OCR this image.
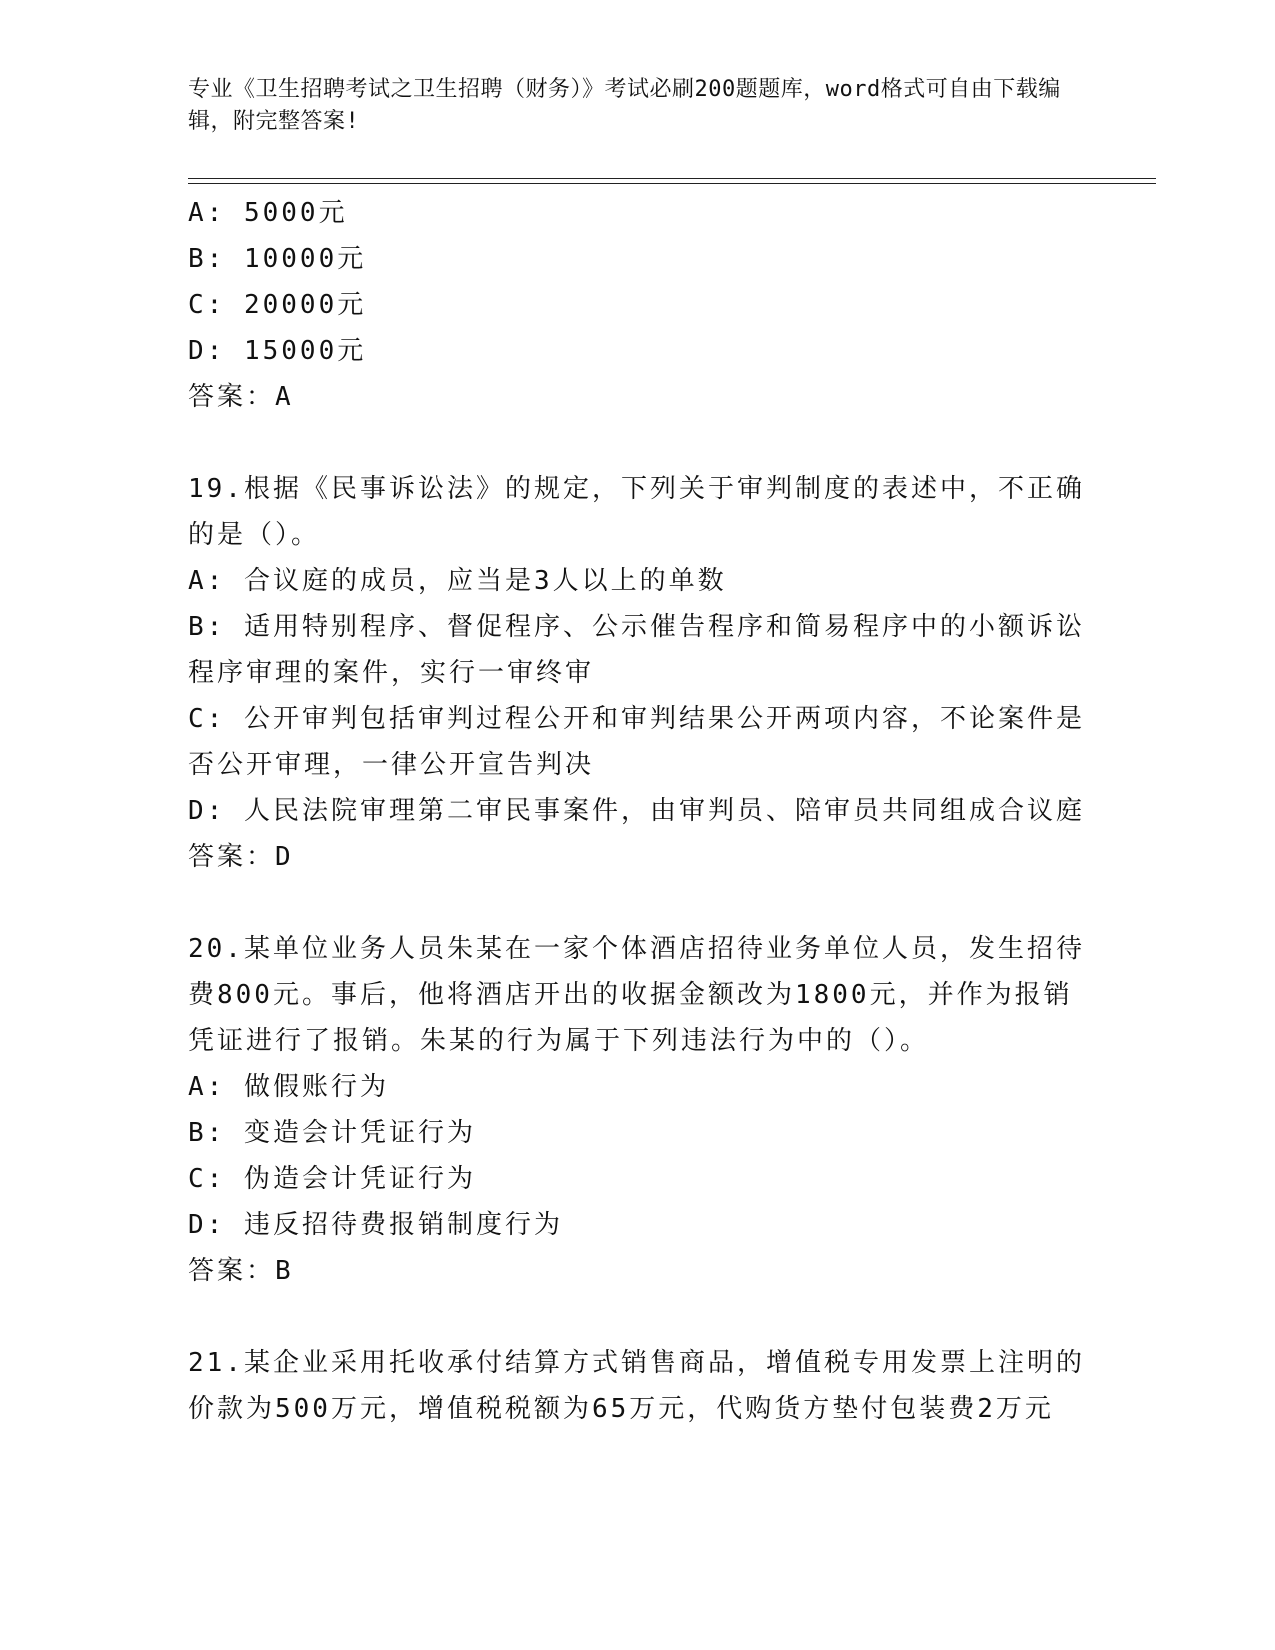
专业《卫生招聘考试之卫生招聘（财务）》考试必刷200题题库，word格式可自由下载编辑，附完整答案!
A: 5000元
B: 10000元
C: 20000元
D: 15000元
答案：A
19.根据《民事诉讼法》的规定，下列关于审判制度的表述中，不正确的是（）。
A: 合议庭的成员，应当是3人以上的单数
B: 适用特别程序、督促程序、公示催告程序和简易程序中的小额诉讼程序审理的案件，实行一审终审
C: 公开审判包括审判过程公开和审判结果公开两项内容，不论案件是否公开审理，一律公开宣告判决
D: 人民法院审理第二审民事案件，由审判员、陪审员共同组成合议庭
答案：D
20.某单位业务人员朱某在一家个体酒店招待业务单位人员，发生招待费800元。事后，他将酒店开出的收据金额改为1800元，并作为报销凭证进行了报销。朱某的行为属于下列违法行为中的（）。
A: 做假账行为
B: 变造会计凭证行为
C: 伪造会计凭证行为
D: 违反招待费报销制度行为
答案：B
21.某企业采用托收承付结算方式销售商品，增值税专用发票上注明的价款为500万元，增值税税额为65万元，代购货方垫付包装费2万元
